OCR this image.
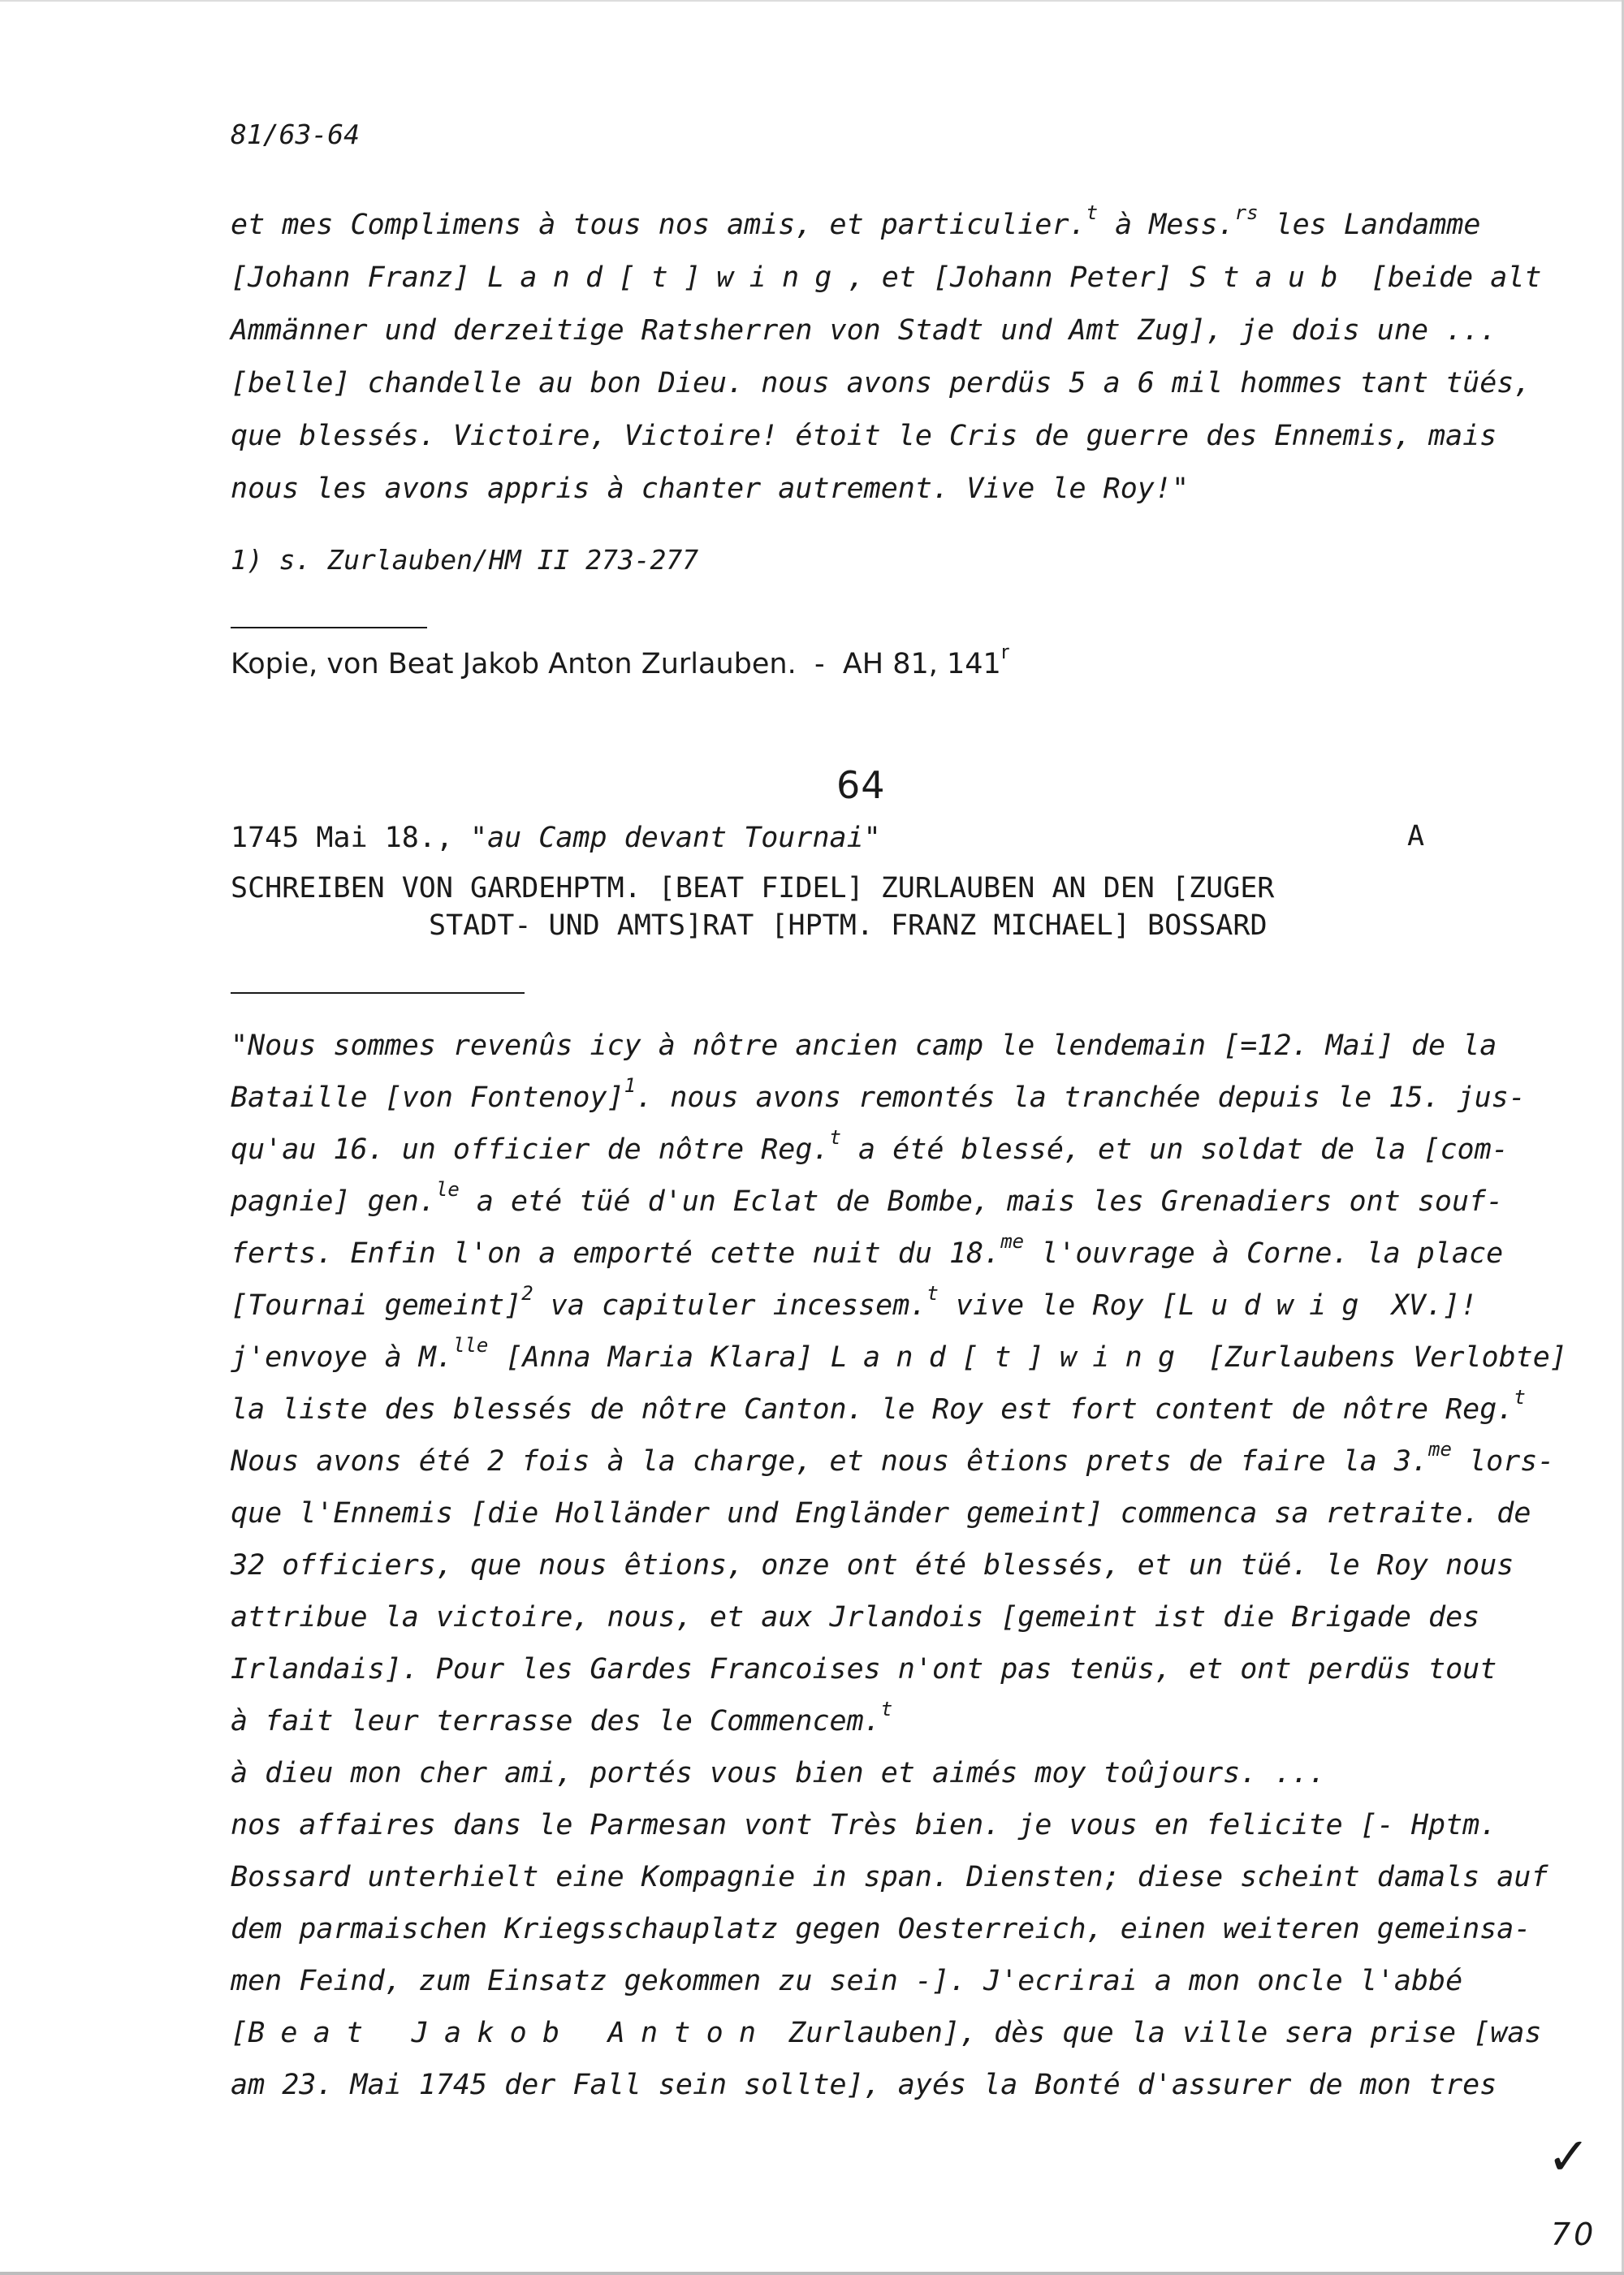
81/63-64
et mes Complimens à tous nos amis, et particulier.$^t$ à Mess.$^{rs}$ les Landamme
[Johann Franz] Land[t]wing, et [Johann Peter] Staub [beide alt
Ammänner und derzeitige Ratsherren von Stadt und Amt Zug], je dois une ...
[belle] chandelle au bon Dieu. nous avons perdüs 5 a 6 mil hommes tant tüés,
que blessés. Victoire, Victoire! étoit le Cris de guerre des Ennemis, mais
nous les avons appris à chanter autrement. Vive le Roy!"
1) s. Zurlauben/HM II 273-277
Kopie, von Beat Jakob Anton Zurlauben.  -  AH 81, 141$^r$
64
1745 Mai 18., "au Camp devant Tournai"	A
SCHREIBEN VON GARDEHPTM. [BEAT FIDEL] ZURLAUBEN AN DEN [ZUGER
STADT- UND AMTS]RAT [HPTM. FRANZ MICHAEL] BOSSARD
"Nous sommes revenûs icy à nôtre ancien camp le lendemain [=12. Mai] de la
Bataille [von Fontenoy]$^1$. nous avons remontés la tranchée depuis le 15. jus-
qu'au 16. un officier de nôtre Reg.$^t$ a été blessé, et un soldat de la [com-
pagnie] gen.$^{le}$ a eté tüé d'un Eclat de Bombe, mais les Grenadiers ont souf-
ferts. Enfin l'on a emporté cette nuit du 18.$^{me}$ l'ouvrage à Corne. la place
[Tournai gemeint]$^2$ va capituler incessem.$^t$ vive le Roy [Ludwig XV.]!
j'envoye à M.$^{lle}$ [Anna Maria Klara] Land[t]wing [Zurlaubens Verlobte]
la liste des blessés de nôtre Canton. le Roy est fort content de nôtre Reg.$^t$
Nous avons été 2 fois à la charge, et nous êtions prets de faire la 3.$^{me}$ lors-
que l'Ennemis [die Holländer und Engländer gemeint] commenca sa retraite. de
32 officiers, que nous êtions, onze ont été blessés, et un tüé. le Roy nous
attribue la victoire, nous, et aux Jrlandois [gemeint ist die Brigade des
Irlandais]. Pour les Gardes Francoises n'ont pas tenüs, et ont perdüs tout
à fait leur terrasse des le Commencem.$^t$
à dieu mon cher ami, portés vous bien et aimés moy toûjours. ...
nos affaires dans le Parmesan vont Très bien. je vous en felicite [- Hptm.
Bossard unterhielt eine Kompagnie in span. Diensten; diese scheint damals auf
dem parmaischen Kriegsschauplatz gegen Oesterreich, einen weiteren gemeinsa-
men Feind, zum Einsatz gekommen zu sein -]. J'ecrirai a mon oncle l'abbé
[Beat Jakob Anton Zurlauben], dès que la ville sera prise [was
am 23. Mai 1745 der Fall sein sollte], ayés la Bonté d'assurer de mon tres
✓
70
